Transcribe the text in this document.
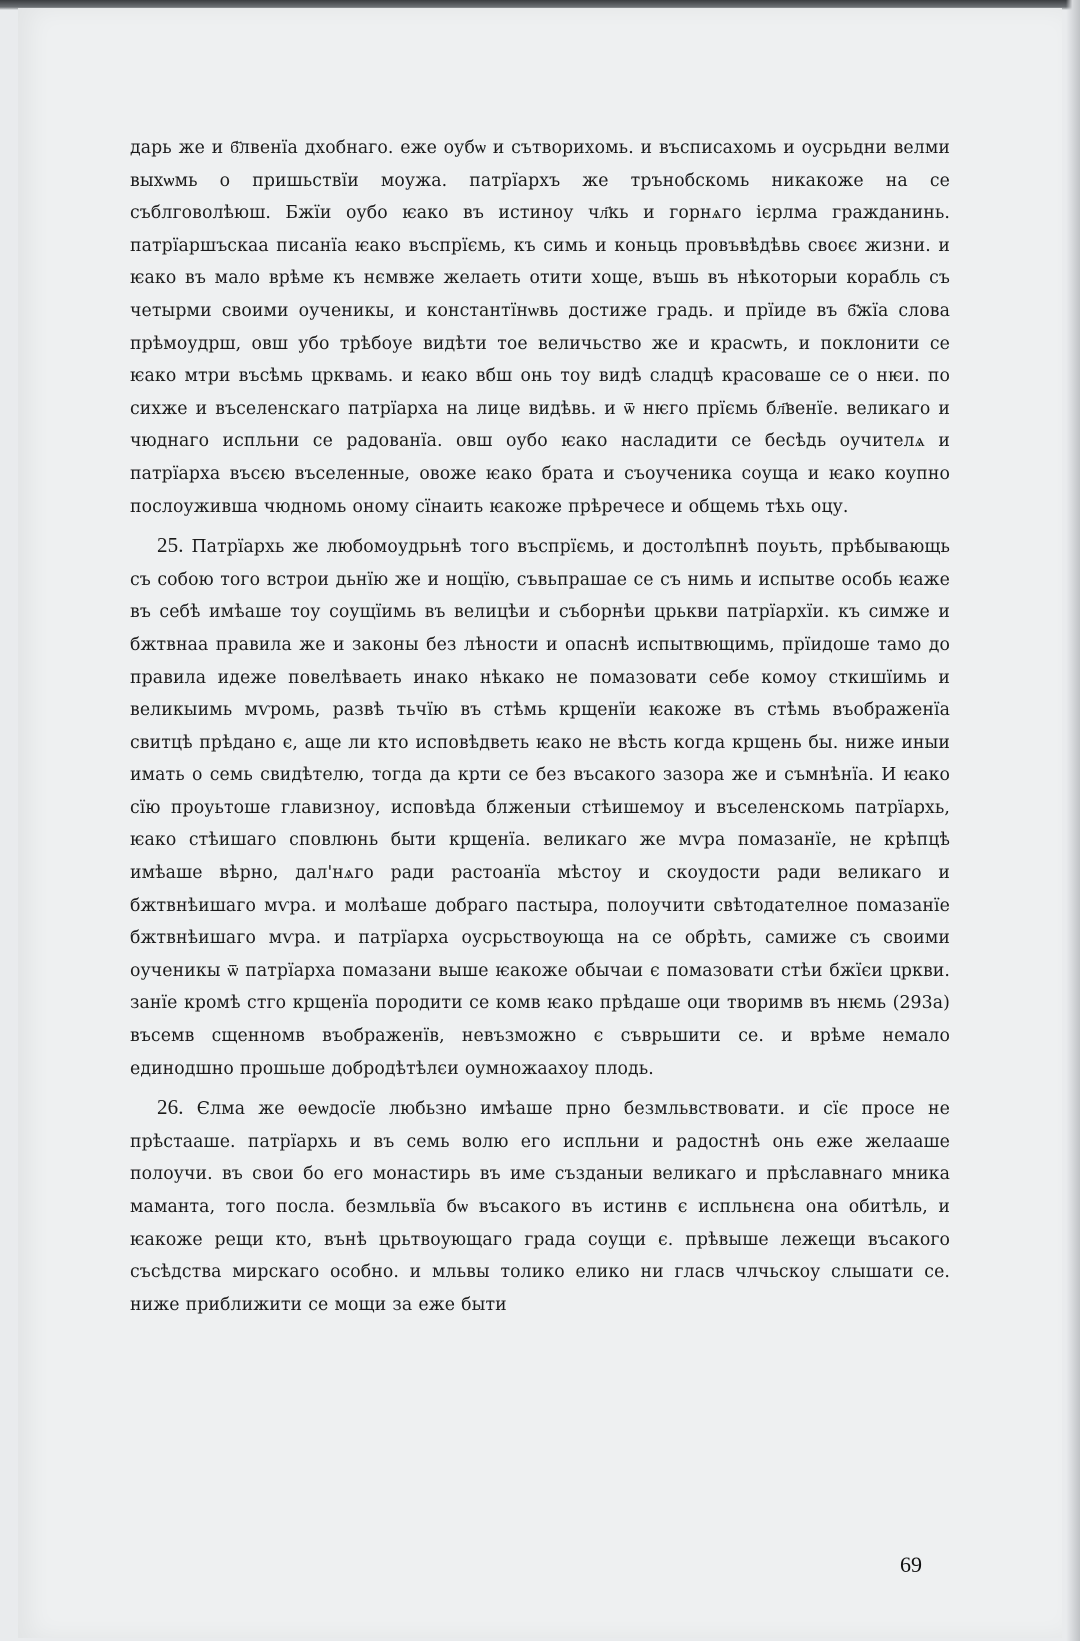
дарь же и б҃лвенїа дхобнаго. еже оубѡ и сътворихомь. и въсписахомь и оусрьдни велми выхѡмь о пришьствїи моужа. патрїархъ же трънобскомь никакоже на се съблговолѣюш. Бжїи оубо ѥако въ истиноу чл҃кь и горнѧго ієрлма гражданинь. патрїаршъскаа писанїа ѥако въспрїємь, къ симь и коньць провъвѣдѣвь своєє жизни. и ѥако въ мало врѣме къ нємвже желаеть отити хоще, въшь въ нѣкоторыи корабль съ четырми своими оученикы, и константїнѡвь достиже градь. и прїиде въ б҃жїа слова прѣмоудрш, овш убо трѣбоуе видѣти тое величьство же и красѡть, и поклонити се ѥако мтри въсѣмь црквамь. и ѥако вбш онь тоу видѣ сладцѣ красоваше се о нѥи. по сихже и въселенскаго патрїарха на лице видѣвь. и ѿ нѥго прїємь бл҃венїе. великаго и чюднаго испльни се радованїа. овш оубо ѥако насладити се бесѣдь оучителѧ и патрїарха въсєю въселенные, овоже ѥако брата и съоученика соуща и ѥако коупно послоуживша чюдномь оному сїнаить ѥакоже прѣречесе и общемь тѣхь оцу.

25. Патрїархь же любомоудрьнѣ того въспрїємь, и достолѣпнѣ поуьть, прѣбывающь съ собою того встрои дьнїю же и нощїю, съвьпрашае се съ нимь и испытве особь ѥаже въ себѣ имѣаше тоу соущїимь въ велицѣи и съборнѣи црькви патрїархїи. къ симже и бжтвнаа правила же и законы без лѣности и опаснѣ испытвющимь, прїидоше тамо до правила идеже повелѣваеть инако нѣкако не помазовати себе комоу сткишїимь и великыимь мѵромь, развѣ тьчїю въ стѣмь крщенїи ѥакоже въ стѣмь въображенїа свитцѣ прѣдано є, аще ли кто исповѣдветь ѥако не вѣсть когда крщень бы. ниже иныи имать о семь свидѣтелю, тогда да крти се без въсакого зазора же и съмнѣнїа. И ѥако сїю проуьтоше главизноу, исповѣда блженыи стѣишемоу и въселенскомь патрїархь, ѥако стѣишаго сповлюнь быти крщенїа. великаго же мѵра помазанїе, не крѣпцѣ имѣаше вѣрно, дал'нѧго ради растоанїа мѣстоу и скоудости ради великаго и бжтвнѣишаго мѵра. и молѣаше добраго пастыра, полоучити свѣтодателное помазанїе бжтвнѣишаго мѵра. и патрїарха оусрьствоующа на се обрѣть, самиже съ своими оученикы ѿ патрїарха помазани выше ѥакоже обычаи є помазовати стѣи бжїєи цркви. занїе кромѣ стго крщенїа породити се комв ѥако прѣдаше оци творимв въ нѥмь (293а) въсемв сщенномв въображенїв, невъзможно є съврьшити се. и врѣме немало единодшно прошьше добродѣтѣлєи оумножаахоу плодь.

26. Єлма же ѳеѡдосїе любьзно имѣаше прно безмльвствовати. и сїє просе не прѣстааше. патрїархь и въ семь волю его испльни и радостнѣ онь еже желааше полоучи. въ свои бо его монастирь въ име създаныи великаго и прѣславнаго мника маманта, того посла. безмльвїа бѡ въсакого въ истинв є испльнєна она обитѣль, и ѥакоже рещи кто, вънѣ црьтвоующаго града соущи є. прѣвыше лежещи въсакого съсѣдства мирскаго особно. и мльвы толико елико ни гласв члчьскоу слышати се. ниже приближити се мощи за еже быти

69
